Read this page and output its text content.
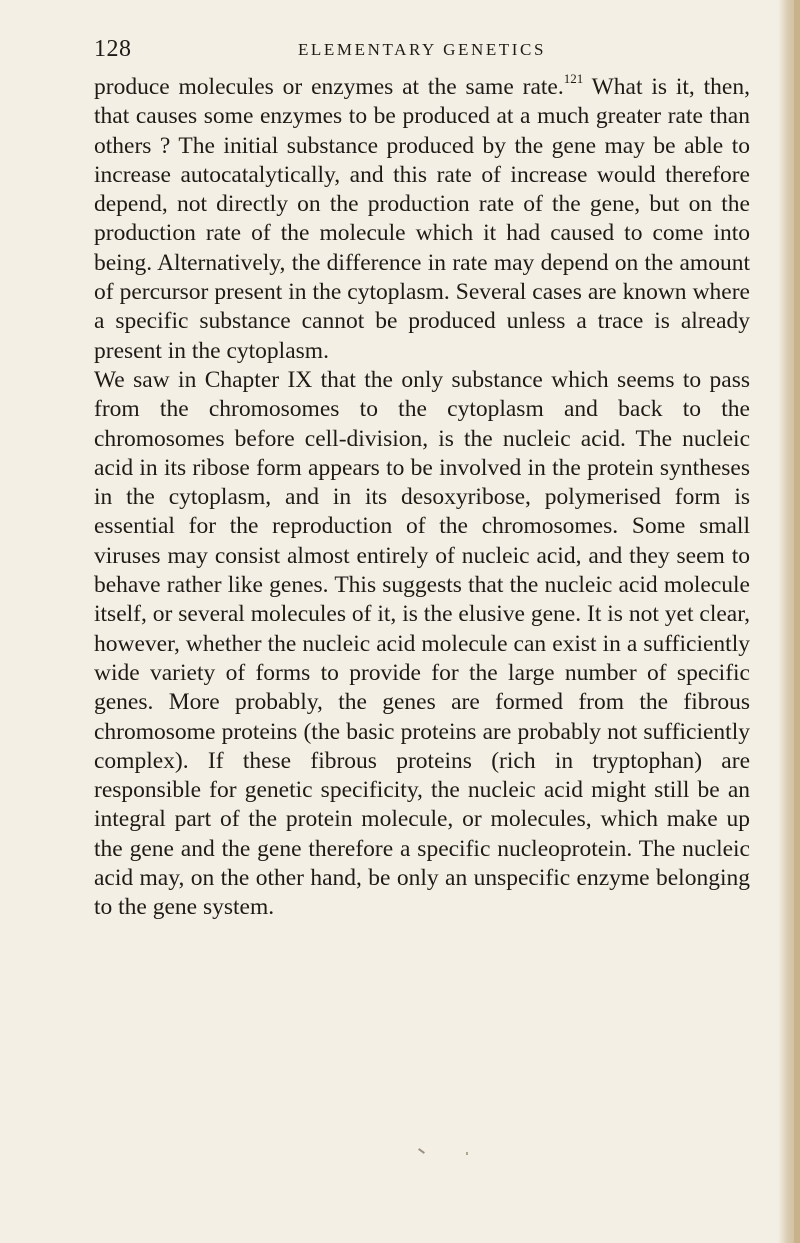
128	ELEMENTARY GENETICS

produce molecules or enzymes at the same rate.$^{121}$ What is it, then, that causes some enzymes to be produced at a much greater rate than others ? The initial substance produced by the gene may be able to increase autocatalytically, and this rate of increase would therefore depend, not directly on the production rate of the gene, but on the production rate of the molecule which it had caused to come into being. Alternatively, the difference in rate may depend on the amount of percursor present in the cytoplasm. Several cases are known where a specific substance cannot be produced unless a trace is already present in the cytoplasm.

We saw in Chapter IX that the only substance which seems to pass from the chromosomes to the cytoplasm and back to the chromosomes before cell-division, is the nucleic acid. The nucleic acid in its ribose form appears to be involved in the protein syntheses in the cytoplasm, and in its desoxyribose, polymerised form is essential for the reproduction of the chromosomes. Some small viruses may consist almost entirely of nucleic acid, and they seem to behave rather like genes. This suggests that the nucleic acid molecule itself, or several molecules of it, is the elusive gene. It is not yet clear, however, whether the nucleic acid molecule can exist in a sufficiently wide variety of forms to provide for the large number of specific genes. More probably, the genes are formed from the fibrous chromosome proteins (the basic proteins are probably not sufficiently complex). If these fibrous proteins (rich in tryptophan) are responsible for genetic specificity, the nucleic acid might still be an integral part of the protein molecule, or molecules, which make up the gene and the gene therefore a specific nucleoprotein. The nucleic acid may, on the other hand, be only an unspecific enzyme belonging to the gene system.
